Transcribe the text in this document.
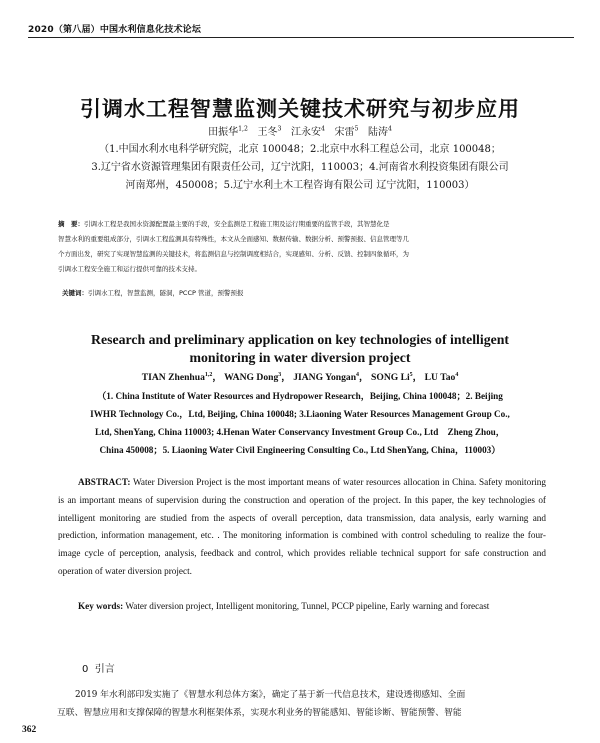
2020（第八届）中国水利信息化技术论坛
引调水工程智慧监测关键技术研究与初步应用
田振华$^{1,2}$ 王冬$^3$ 江永安$^4$ 宋雷$^5$ 陆涛$^4$
（1.中国水利水电科学研究院，北京 100048；2.北京中水科工程总公司，北京 100048；
3.辽宁省水资源管理集团有限责任公司，辽宁沈阳，110003；4.河南省水利投资集团有限公司
河南郑州，450008；5.辽宁水利土木工程咨询有限公司 辽宁沈阳，110003）
摘　要：引调水工程是我国水资源配置最主要的手段，安全监测是工程施工期及运行期重要的监管手段，其智慧化是
智慧水利的重要组成部分，引调水工程监测具有特殊性，本文从全面感知、数据传输、数据分析、预警预报、信息管理等几
个方面出发，研究了实现智慧监测的关键技术，将监测信息与控制调度相结合，实现感知、分析、反馈、控制四象循环，为
引调水工程安全施工和运行提供可靠的技术支持。
关键词：引调水工程，智慧监测，隧洞，PCCP 管道，预警预报
Research and preliminary application on key technologies of intelligent
monitoring in water diversion project
TIAN Zhenhua$^{1,2}$， WANG Dong$^3$， JIANG Yongan$^4$， SONG Li$^5$， LU Tao$^4$
（1. China Institute of Water Resources and Hydropower Research，Beijing, China 100048；2. Beijing
IWHR Technology Co.，Ltd, Beijing, China 100048; 3.Liaoning Water Resources Management Group Co.,
Ltd, ShenYang, China 110003; 4.Henan Water Conservancy Investment Group Co., Ltd　Zheng Zhou，
China 450008；5. Liaoning Water Civil Engineering Consulting Co., Ltd ShenYang, China，110003）
ABSTRACT: Water Diversion Project is the most important means of water resources allocation in China. Safety monitoring is an important means of supervision during the construction and operation of the project. In this paper, the key technologies of intelligent monitoring are studied from the aspects of overall perception, data transmission, data analysis, early warning and prediction, information management, etc. . The monitoring information is combined with control scheduling to realize the four-image cycle of perception, analysis, feedback and control, which provides reliable technical support for safe construction and operation of water diversion project.
Key words: Water diversion project, Intelligent monitoring, Tunnel, PCCP pipeline, Early warning and forecast
0 引言
2019 年水利部印发实施了《智慧水利总体方案》，确定了基于新一代信息技术，建设透彻感知、全面
互联、智慧应用和支撑保障的智慧水利框架体系，实现水利业务的智能感知、智能诊断、智能预警、智能
362
